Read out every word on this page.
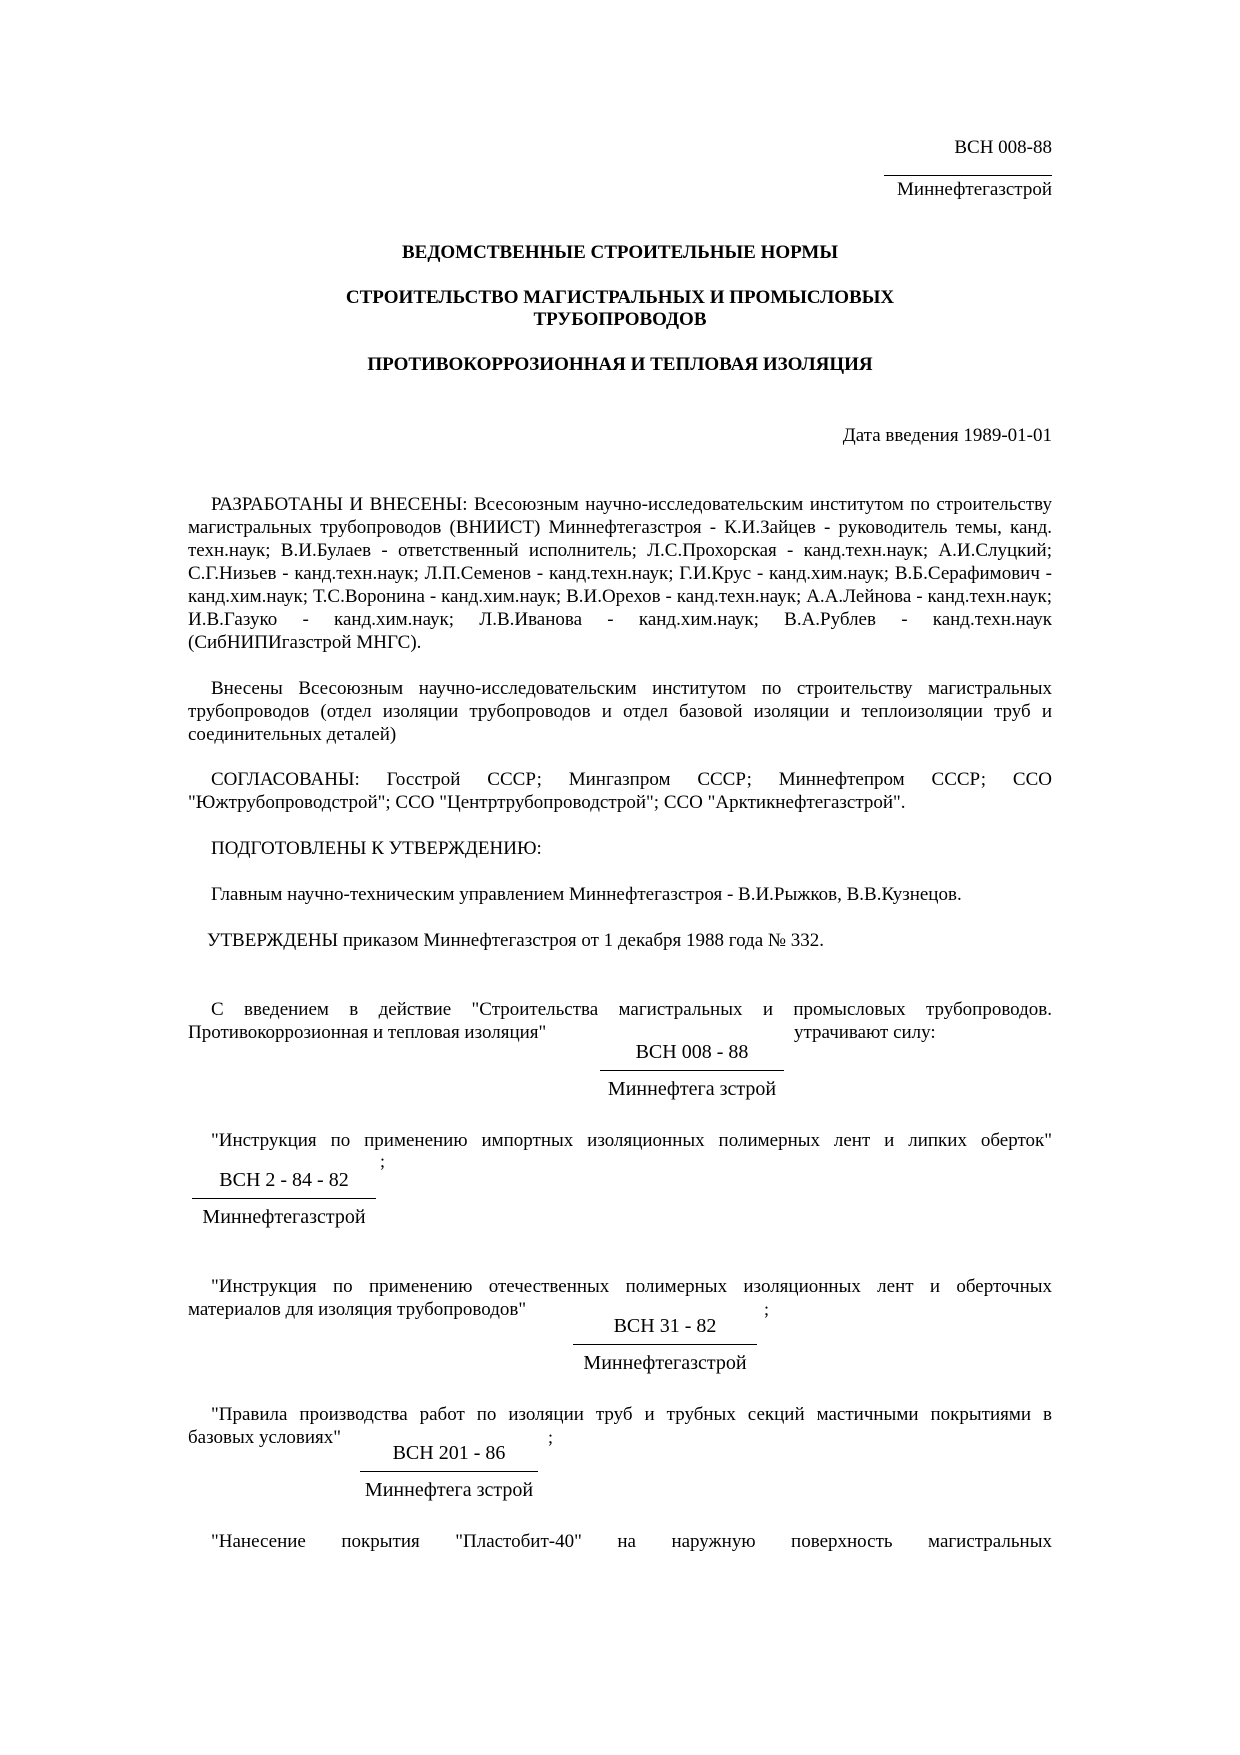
ВСН 008-88
Миннефтегазстрой
ВЕДОМСТВЕННЫЕ СТРОИТЕЛЬНЫЕ НОРМЫ
СТРОИТЕЛЬСТВО МАГИСТРАЛЬНЫХ И ПРОМЫСЛОВЫХ
ТРУБОПРОВОДОВ
ПРОТИВОКОРРОЗИОННАЯ И ТЕПЛОВАЯ ИЗОЛЯЦИЯ
Дата введения 1989-01-01
РАЗРАБОТАНЫ И ВНЕСЕНЫ: Всесоюзным научно-исследовательским институтом по строительству магистральных трубопроводов (ВНИИСТ) Миннефтегазстроя - К.И.Зайцев - руководитель темы, канд. техн.наук; В.И.Булаев - ответственный исполнитель; Л.С.Прохорская - канд.техн.наук; А.И.Слуцкий; С.Г.Низьев - канд.техн.наук; Л.П.Семенов - канд.техн.наук; Г.И.Крус - канд.хим.наук; В.Б.Серафимович - канд.хим.наук; Т.С.Воронина - канд.хим.наук; В.И.Орехов - канд.техн.наук; А.А.Лейнова - канд.техн.наук; И.В.Газуко - канд.хим.наук; Л.В.Иванова - канд.хим.наук; В.А.Рублев - канд.техн.наук (СибНИПИгазстрой МНГС).
Внесены Всесоюзным научно-исследовательским институтом по строительству магистральных трубопроводов (отдел изоляции трубопроводов и отдел базовой изоляции и теплоизоляции труб и соединительных деталей)
СОГЛАСОВАНЫ: Госстрой СССР; Мингазпром СССР; Миннефтепром СССР; ССО "Южтрубопроводстрой"; ССО "Центртрубопроводстрой"; ССО "Арктикнефтегазстрой".
ПОДГОТОВЛЕНЫ К УТВЕРЖДЕНИЮ:
Главным научно-техническим управлением Миннефтегазстроя - В.И.Рыжков, В.В.Кузнецов.
УТВЕРЖДЕНЫ приказом Миннефтегазстроя от 1 декабря 1988 года № 332.
С введением в действие "Строительства магистральных и промысловых трубопроводов.
Противокоррозионная и тепловая изоляция"	утрачивают силу:
ВСН 008 - 88
Миннефтега зстрой
"Инструкция по применению импортных изоляционных полимерных лент и липких оберток"
;
ВСН 2 - 84 - 82
Миннефтегазстрой
"Инструкция по применению отечественных полимерных изоляционных лент и оберточных
материалов для изоляция трубопроводов"	;
ВСН 31 - 82
Миннефтегазстрой
"Правила производства работ по изоляции труб и трубных секций мастичными покрытиями в
базовых условиях"	;
ВСН 201 - 86
Миннефтега зстрой
"Нанесение покрытия "Пластобит-40" на наружную поверхность магистральных
